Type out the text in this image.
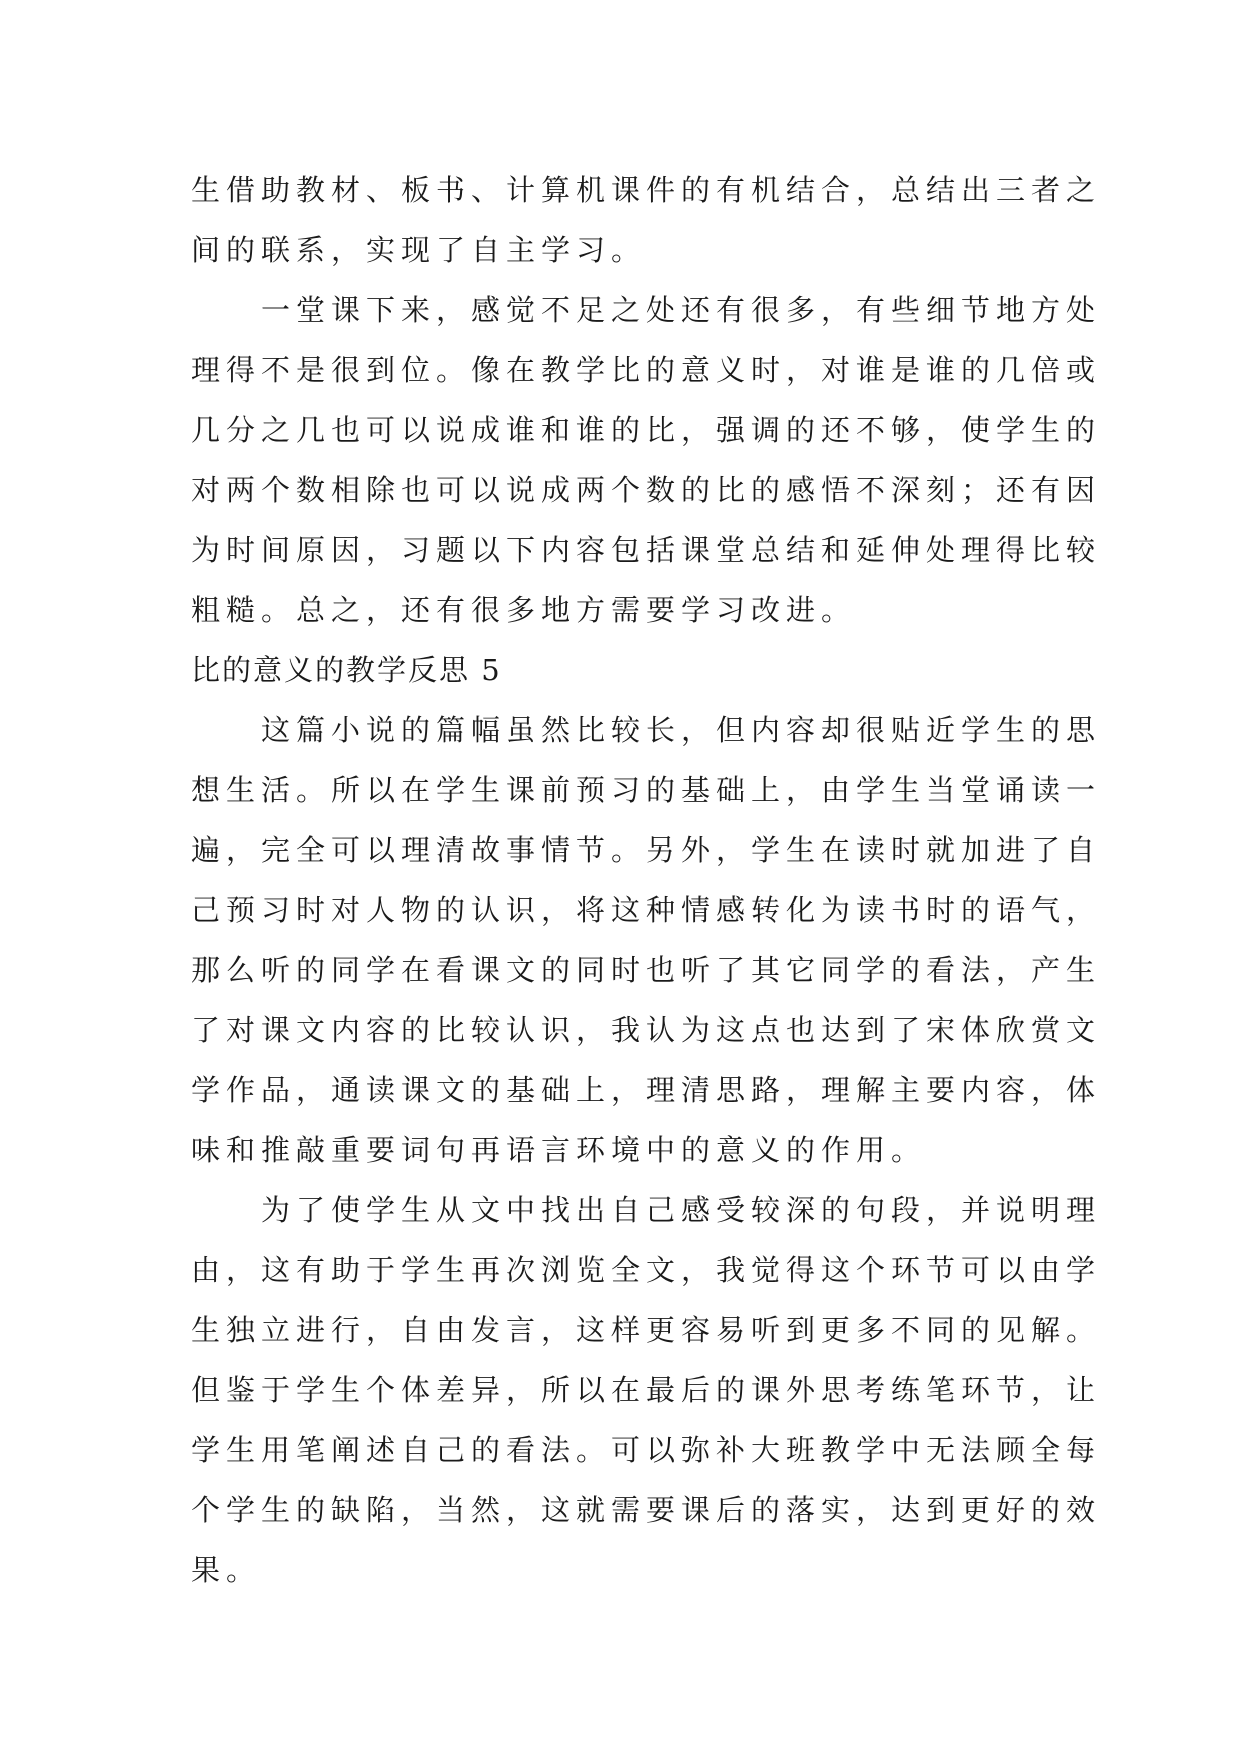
生借助教材、板书、计算机课件的有机结合，总结出三者之
间的联系，实现了自主学习。
一堂课下来，感觉不足之处还有很多，有些细节地方处
理得不是很到位。像在教学比的意义时，对谁是谁的几倍或
几分之几也可以说成谁和谁的比，强调的还不够，使学生的
对两个数相除也可以说成两个数的比的感悟不深刻；还有因
为时间原因，习题以下内容包括课堂总结和延伸处理得比较
粗糙。总之，还有很多地方需要学习改进。
比的意义的教学反思 5
这篇小说的篇幅虽然比较长，但内容却很贴近学生的思
想生活。所以在学生课前预习的基础上，由学生当堂诵读一
遍，完全可以理清故事情节。另外，学生在读时就加进了自
己预习时对人物的认识，将这种情感转化为读书时的语气，
那么听的同学在看课文的同时也听了其它同学的看法，产生
了对课文内容的比较认识，我认为这点也达到了宋体欣赏文
学作品，通读课文的基础上，理清思路，理解主要内容，体
味和推敲重要词句再语言环境中的意义的作用。
为了使学生从文中找出自己感受较深的句段，并说明理
由，这有助于学生再次浏览全文，我觉得这个环节可以由学
生独立进行，自由发言，这样更容易听到更多不同的见解。
但鉴于学生个体差异，所以在最后的课外思考练笔环节，让
学生用笔阐述自己的看法。可以弥补大班教学中无法顾全每
个学生的缺陷，当然，这就需要课后的落实，达到更好的效
果。
